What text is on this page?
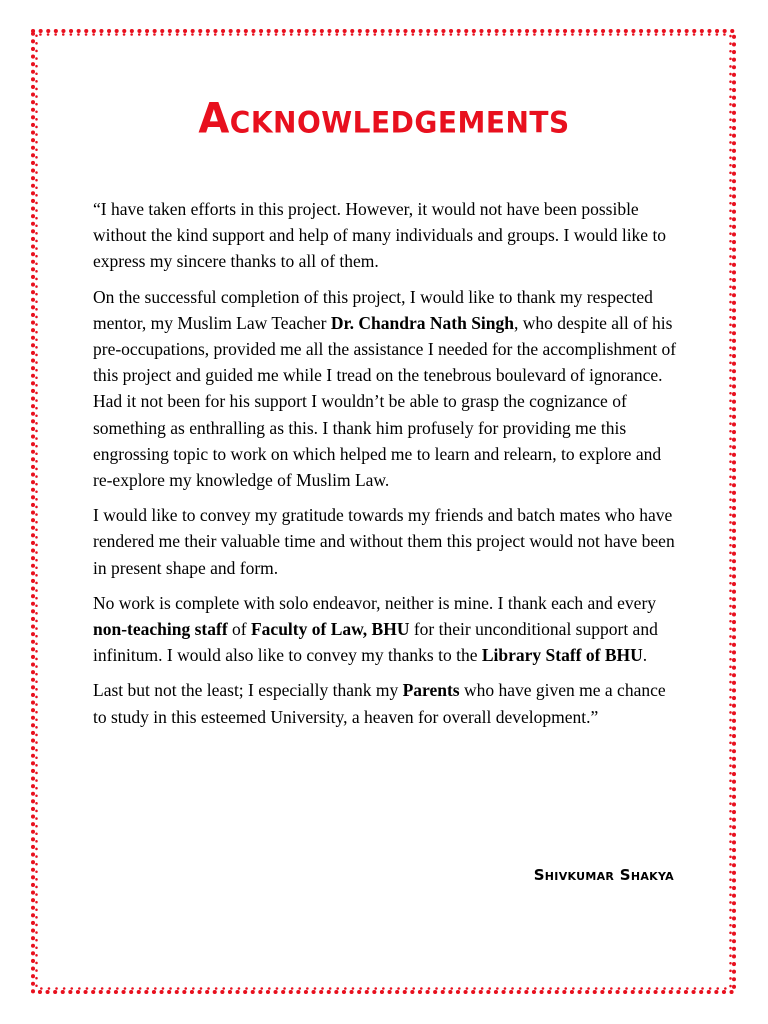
Acknowledgements

“I have taken efforts in this project. However, it would not have been possible without the kind support and help of many individuals and groups. I would like to express my sincere thanks to all of them.

On the successful completion of this project, I would like to thank my respected mentor, my Muslim Law Teacher Dr. Chandra Nath Singh, who despite all of his pre-occupations, provided me all the assistance I needed for the accomplishment of this project and guided me while I tread on the tenebrous boulevard of ignorance. Had it not been for his support I wouldn’t be able to grasp the cognizance of something as enthralling as this. I thank him profusely for providing me this engrossing topic to work on which helped me to learn and relearn, to explore and re-explore my knowledge of Muslim Law.

I would like to convey my gratitude towards my friends and batch mates who have rendered me their valuable time and without them this project would not have been in present shape and form.

No work is complete with solo endeavor, neither is mine. I thank each and every non-teaching staff of Faculty of Law, BHU for their unconditional support and infinitum. I would also like to convey my thanks to the Library Staff of BHU.

Last but not the least; I especially thank my Parents who have given me a chance to study in this esteemed University, a heaven for overall development.”

Shivkumar Shakya
